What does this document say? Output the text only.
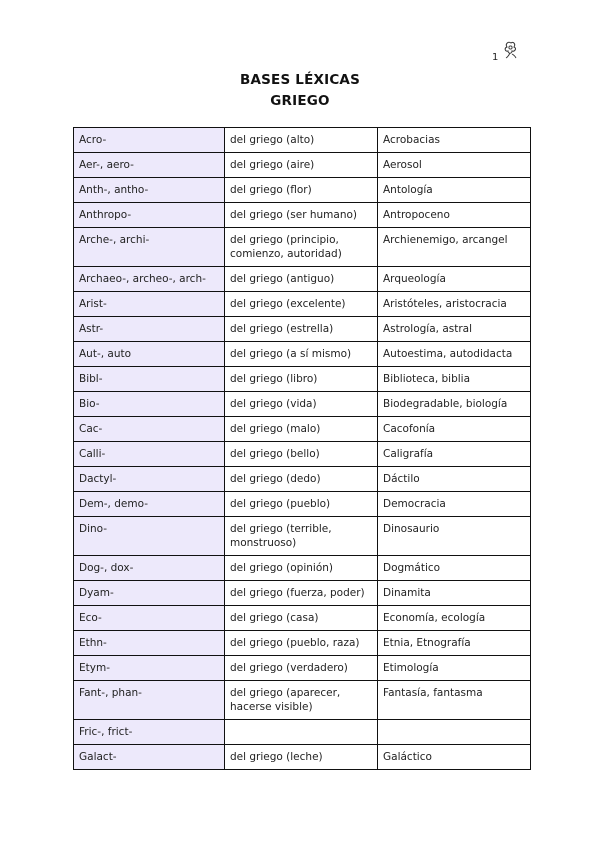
1
BASES LÉXICAS
GRIEGO
Acro-	del griego (alto)	Acrobacias
Aer-, aero-	del griego (aire)	Aerosol
Anth-, antho-	del griego (flor)	Antología
Anthropo-	del griego (ser humano)	Antropoceno
Arche-, archi-	del griego (principio, comienzo, autoridad)	Archienemigo, arcangel
Archaeo-, archeo-, arch-	del griego (antiguo)	Arqueología
Arist-	del griego (excelente)	Aristóteles, aristocracia
Astr-	del griego (estrella)	Astrología, astral
Aut-, auto	del griego (a sí mismo)	Autoestima, autodidacta
Bibl-	del griego (libro)	Biblioteca, biblia
Bio-	del griego (vida)	Biodegradable, biología
Cac-	del griego (malo)	Cacofonía
Calli-	del griego (bello)	Caligrafía
Dactyl-	del griego (dedo)	Dáctilo
Dem-, demo-	del griego (pueblo)	Democracia
Dino-	del griego (terrible, monstruoso)	Dinosaurio
Dog-, dox-	del griego (opinión)	Dogmático
Dyam-	del griego (fuerza, poder)	Dinamita
Eco-	del griego (casa)	Economía, ecología
Ethn-	del griego (pueblo, raza)	Etnia, Etnografía
Etym-	del griego (verdadero)	Etimología
Fant-, phan-	del griego (aparecer, hacerse visible)	Fantasía, fantasma
Fric-, frict-		
Galact-	del griego (leche)	Galáctico
